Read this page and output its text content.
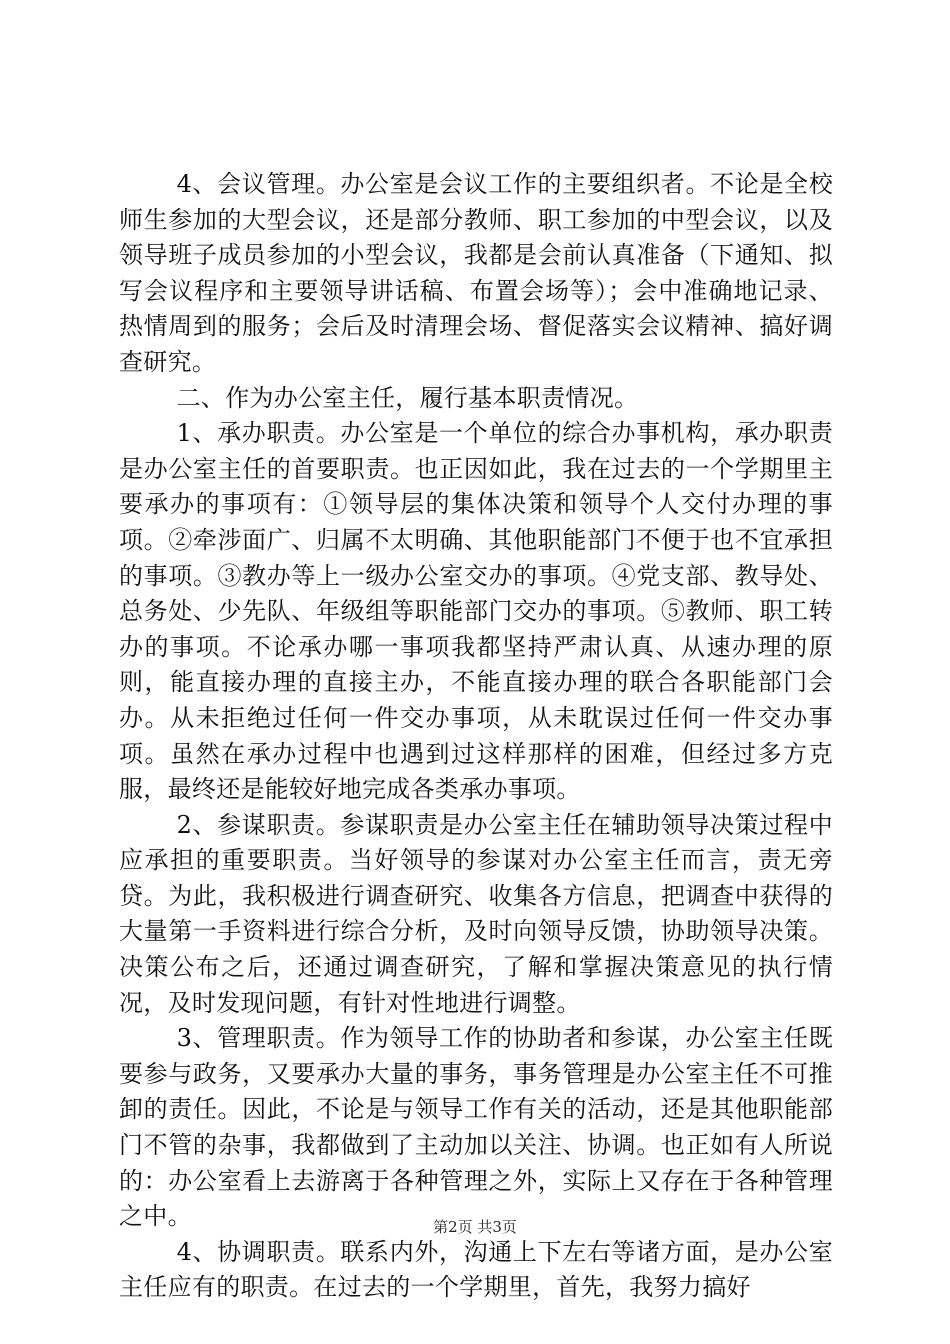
4、会议管理。办公室是会议工作的主要组织者。不论是全校师生参加的大型会议，还是部分教师、职工参加的中型会议，以及领导班子成员参加的小型会议，我都是会前认真准备（下通知、拟写会议程序和主要领导讲话稿、布置会场等）；会中准确地记录、热情周到的服务；会后及时清理会场、督促落实会议精神、搞好调查研究。

二、作为办公室主任，履行基本职责情况。

1、承办职责。办公室是一个单位的综合办事机构，承办职责是办公室主任的首要职责。也正因如此，我在过去的一个学期里主要承办的事项有：①领导层的集体决策和领导个人交付办理的事项。②牵涉面广、归属不太明确、其他职能部门不便于也不宜承担的事项。③教办等上一级办公室交办的事项。④党支部、教导处、总务处、少先队、年级组等职能部门交办的事项。⑤教师、职工转办的事项。不论承办哪一事项我都坚持严肃认真、从速办理的原则，能直接办理的直接主办，不能直接办理的联合各职能部门会办。从未拒绝过任何一件交办事项，从未耽误过任何一件交办事项。虽然在承办过程中也遇到过这样那样的困难，但经过多方克服，最终还是能较好地完成各类承办事项。

2、参谋职责。参谋职责是办公室主任在辅助领导决策过程中应承担的重要职责。当好领导的参谋对办公室主任而言，责无旁贷。为此，我积极进行调查研究、收集各方信息，把调查中获得的大量第一手资料进行综合分析，及时向领导反馈，协助领导决策。决策公布之后，还通过调查研究，了解和掌握决策意见的执行情况，及时发现问题，有针对性地进行调整。

3、管理职责。作为领导工作的协助者和参谋，办公室主任既要参与政务，又要承办大量的事务，事务管理是办公室主任不可推卸的责任。因此，不论是与领导工作有关的活动，还是其他职能部门不管的杂事，我都做到了主动加以关注、协调。也正如有人所说的：办公室看上去游离于各种管理之外，实际上又存在于各种管理之中。

4、协调职责。联系内外，沟通上下左右等诸方面，是办公室主任应有的职责。在过去的一个学期里，首先，我努力搞好

第2页 共3页
